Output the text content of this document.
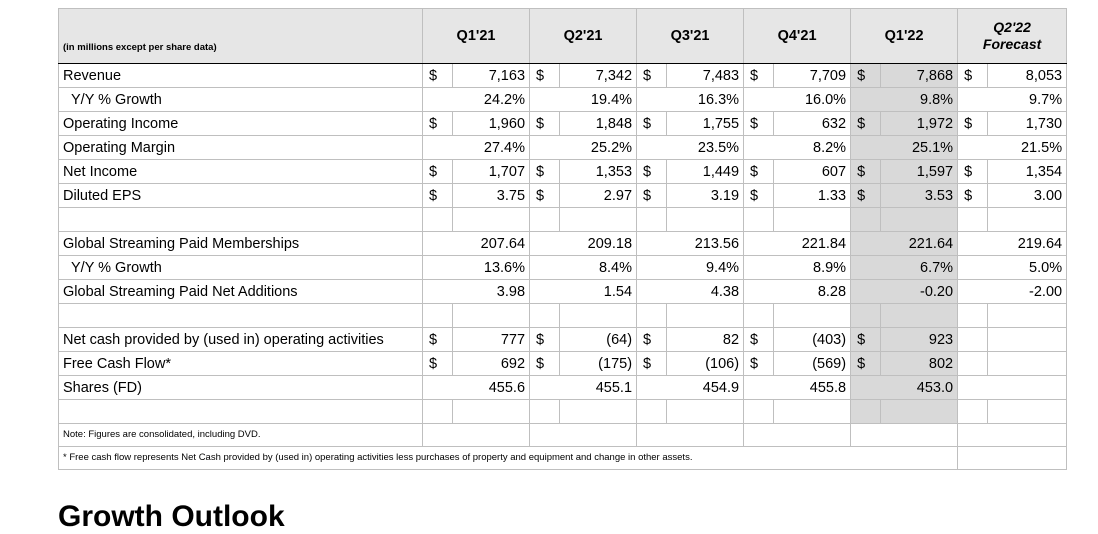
(in millions except per share data)	Q1'21		Q2'21		Q3'21		Q4'21		Q1'22		Q2'22
Forecast	

Revenue	$	7,163	$	7,342	$	7,483	$	7,709	$	7,868	$	8,053
Y/Y % Growth	24.2%		19.4%		16.3%		16.0%		9.8%		9.7%	
Operating Income	$	1,960	$	1,848	$	1,755	$	632	$	1,972	$	1,730
Operating Margin	27.4%		25.2%		23.5%		8.2%		25.1%		21.5%	
Net Income	$	1,707	$	1,353	$	1,449	$	607	$	1,597	$	1,354
Diluted EPS	$	3.75	$	2.97	$	3.19	$	1.33	$	3.53	$	3.00

Global Streaming Paid Memberships	207.64		209.18		213.56		221.84		221.64		219.64	
Y/Y % Growth	13.6%		8.4%		9.4%		8.9%		6.7%		5.0%	
Global Streaming Paid Net Additions	3.98		1.54		4.38		8.28		-0.20		-2.00	

Net cash provided by (used in) operating activities	$	777	$	(64)	$	82	$	(403)	$	923		
Free Cash Flow*	$	692	$	(175)	$	(106)	$	(569)	$	802		
Shares (FD)	455.6		455.1		454.9		455.8		453.0			

Note: Figures are consolidated, including DVD.												
* Free cash flow represents Net Cash provided by (used in) operating activities less purchases of property and equipment and change in other assets.												
Growth Outlook
